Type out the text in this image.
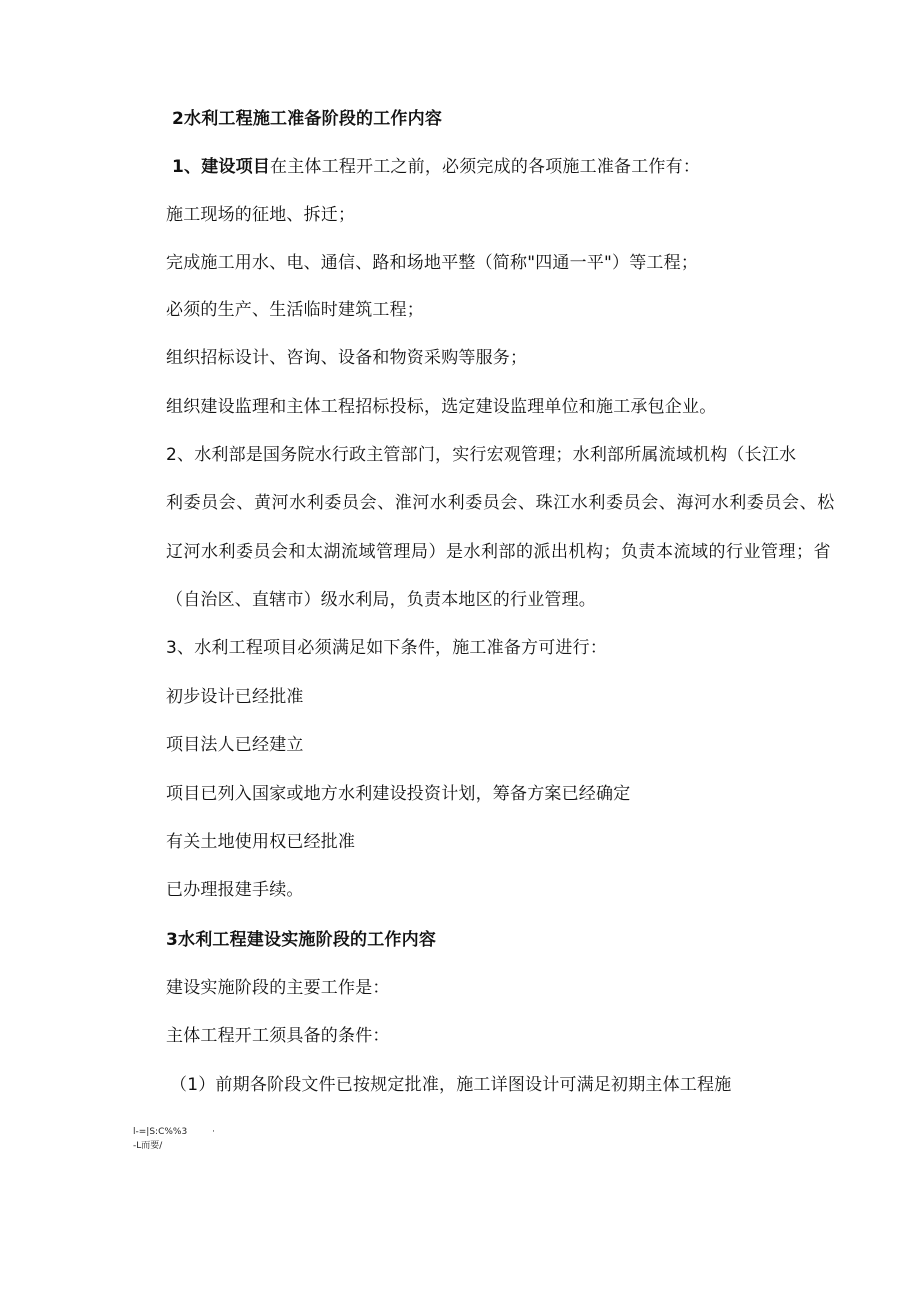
2水利工程施工准备阶段的工作内容
1、建设项目在主体工程开工之前，必须完成的各项施工准备工作有：
施工现场的征地、拆迁；
完成施工用水、电、通信、路和场地平整（简称"四通一平"）等工程；
必须的生产、生活临时建筑工程；
组织招标设计、咨询、设备和物资采购等服务；
组织建设监理和主体工程招标投标，选定建设监理单位和施工承包企业。
2、水利部是国务院水行政主管部门，实行宏观管理；水利部所属流域机构（长江水
利委员会、黄河水利委员会、淮河水利委员会、珠江水利委员会、海河水利委员会、松
辽河水利委员会和太湖流域管理局）是水利部的派出机构；负责本流域的行业管理；省
（自治区、直辖市）级水利局，负责本地区的行业管理。
3、水利工程项目必须满足如下条件，施工准备方可进行：
初步设计已经批准
项目法人已经建立
项目已列入国家或地方水利建设投资计划，筹备方案已经确定
有关土地使用权已经批准
已办理报建手续。
3水利工程建设实施阶段的工作内容
建设实施阶段的主要工作是：
主体工程开工须具备的条件：
（1）前期各阶段文件已按规定批准，施工详图设计可满足初期主体工程施
l-=|S:C%%3	·
-L而要/
